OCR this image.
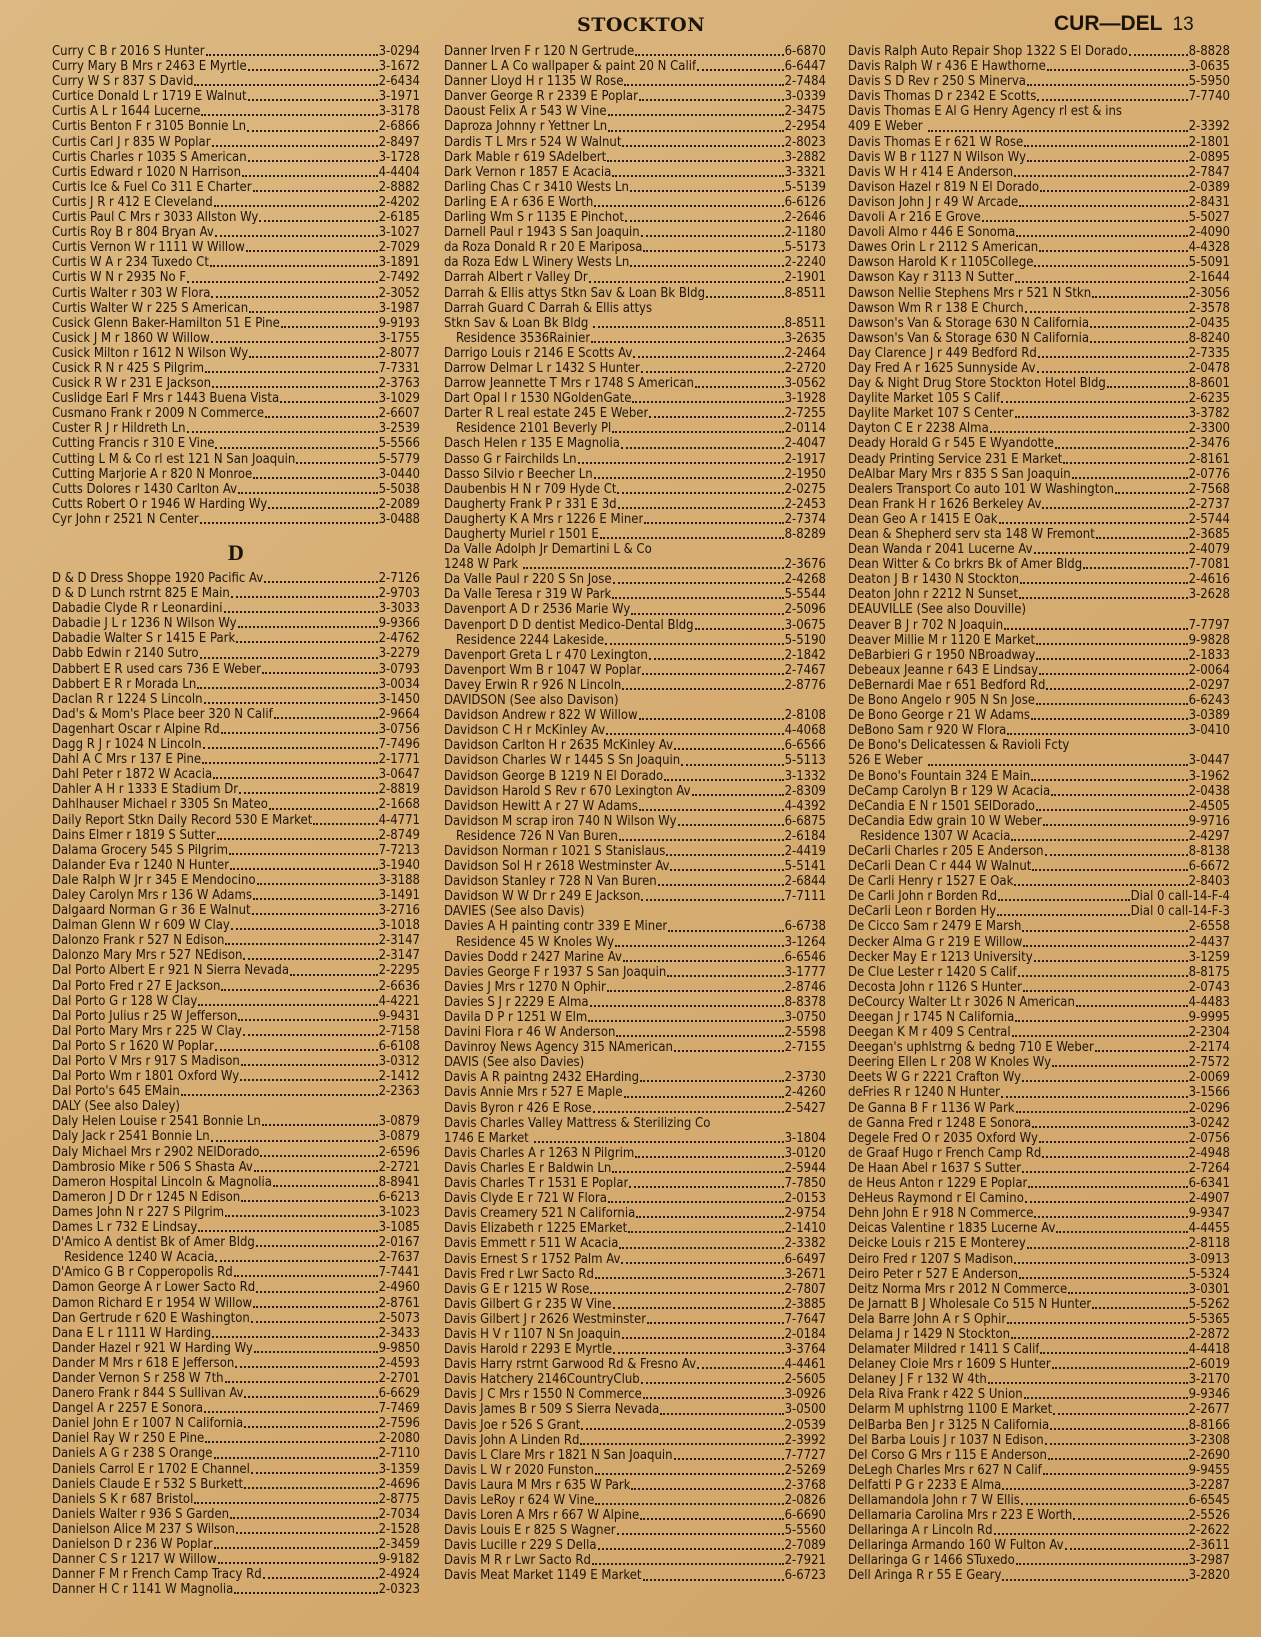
STOCKTON	CUR—DEL 13
Curry C B r 2016 S Hunter	3-0294
Curry Mary B Mrs r 2463 E Myrtle	3-1672
Curry W S r 837 S David	2-6434
Curtice Donald L r 1719 E Walnut	3-1971
Curtis A L r 1644 Lucerne	3-3178
Curtis Benton F r 3105 Bonnie Ln	2-6866
Curtis Carl J r 835 W Poplar	2-8497
Curtis Charles r 1035 S American	3-1728
Curtis Edward r 1020 N Harrison	4-4404
Curtis Ice & Fuel Co 311 E Charter	2-8882
Curtis J R r 412 E Cleveland	2-4202
Curtis Paul C Mrs r 3033 Allston Wy	2-6185
Curtis Roy B r 804 Bryan Av	3-1027
Curtis Vernon W r 1111 W Willow	2-7029
Curtis W A r 234 Tuxedo Ct	3-1891
Curtis W N r 2935 No F	2-7492
Curtis Walter r 303 W Flora	2-3052
Curtis Walter W r 225 S American	3-1987
Cusick Glenn Baker-Hamilton 51 E Pine	9-9193
Cusick J M r 1860 W Willow	3-1755
Cusick Milton r 1612 N Wilson Wy	2-8077
Cusick R N r 425 S Pilgrim	7-7331
Cusick R W r 231 E Jackson	2-3763
Cuslidge Earl F Mrs r 1443 Buena Vista	3-1029
Cusmano Frank r 2009 N Commerce	2-6607
Custer R J r Hildreth Ln	3-2539
Cutting Francis r 310 E Vine	5-5566
Cutting L M & Co rl est 121 N San Joaquin	5-5779
Cutting Marjorie A r 820 N Monroe	3-0440
Cutts Dolores r 1430 Carlton Av	5-5038
Cutts Robert O r 1946 W Harding Wy	2-2089
Cyr John r 2521 N Center	3-0488
D
D & D Dress Shoppe 1920 Pacific Av	2-7126
D & D Lunch rstrnt 825 E Main	2-9703
Dabadie Clyde R r Leonardini	3-3033
Dabadie J L r 1236 N Wilson Wy	9-9366
Dabadie Walter S r 1415 E Park	2-4762
Dabb Edwin r 2140 Sutro	3-2279
Dabbert E R used cars 736 E Weber	3-0793
Dabbert E R r Morada Ln	3-0034
Daclan R r 1224 S Lincoln	3-1450
Dad's & Mom's Place beer 320 N Calif	2-9664
Dagenhart Oscar r Alpine Rd	3-0756
Dagg R J r 1024 N Lincoln	7-7496
Dahl A C Mrs r 137 E Pine	2-1771
Dahl Peter r 1872 W Acacia	3-0647
Dahler A H r 1333 E Stadium Dr	2-8819
Dahlhauser Michael r 3305 Sn Mateo	2-1668
Daily Report Stkn Daily Record 530 E Market	4-4771
Dains Elmer r 1819 S Sutter	2-8749
Dalama Grocery 545 S Pilgrim	7-7213
Dalander Eva r 1240 N Hunter	3-1940
Dale Ralph W Jr r 345 E Mendocino	3-3188
Daley Carolyn Mrs r 136 W Adams	3-1491
Dalgaard Norman G r 36 E Walnut	3-2716
Dalman Glenn W r 609 W Clay	3-1018
Dalonzo Frank r 527 N Edison	2-3147
Dalonzo Mary Mrs r 527 NEdison	2-3147
Dal Porto Albert E r 921 N Sierra Nevada	2-2295
Dal Porto Fred r 27 E Jackson	2-6636
Dal Porto G r 128 W Clay	4-4221
Dal Porto Julius r 25 W Jefferson	9-9431
Dal Porto Mary Mrs r 225 W Clay	2-7158
Dal Porto S r 1620 W Poplar	6-6108
Dal Porto V Mrs r 917 S Madison	3-0312
Dal Porto Wm r 1801 Oxford Wy	2-1412
Dal Porto's 645 EMain	2-2363
DALY (See also Daley)
Daly Helen Louise r 2541 Bonnie Ln	3-0879
Daly Jack r 2541 Bonnie Ln	3-0879
Daly Michael Mrs r 2902 NElDorado	2-6596
Dambrosio Mike r 506 S Shasta Av	2-2721
Dameron Hospital Lincoln & Magnolia	8-8941
Dameron J D Dr r 1245 N Edison	6-6213
Dames John N r 227 S Pilgrim	3-1023
Dames L r 732 E Lindsay	3-1085
D'Amico A dentist Bk of Amer Bldg	2-0167
Residence 1240 W Acacia	2-7637
D'Amico G B r Copperopolis Rd	7-7441
Damon George A r Lower Sacto Rd	2-4960
Damon Richard E r 1954 W Willow	2-8761
Dan Gertrude r 620 E Washington	2-5073
Dana E L r 1111 W Harding	2-3433
Dander Hazel r 921 W Harding Wy	9-9850
Dander M Mrs r 618 E Jefferson	2-4593
Dander Vernon S r 258 W 7th	2-2701
Danero Frank r 844 S Sullivan Av	6-6629
Dangel A r 2257 E Sonora	7-7469
Daniel John E r 1007 N California	2-7596
Daniel Ray W r 250 E Pine	2-2080
Daniels A G r 238 S Orange	2-7110
Daniels Carrol E r 1702 E Channel	3-1359
Daniels Claude E r 532 S Burkett	2-4696
Daniels S K r 687 Bristol	2-8775
Daniels Walter r 936 S Garden	2-7034
Danielson Alice M 237 S Wilson	2-1528
Danielson D r 236 W Poplar	2-3459
Danner C S r 1217 W Willow	9-9182
Danner F M r French Camp Tracy Rd	2-4924
Danner H C r 1141 W Magnolia	2-0323
Danner Irven F r 120 N Gertrude	6-6870
Danner L A Co wallpaper & paint 20 N Calif	6-6447
Danner Lloyd H r 1135 W Rose	2-7484
Danver George R r 2339 E Poplar	3-0339
Daoust Felix A r 543 W Vine	2-3475
Daproza Johnny r Yettner Ln	2-2954
Dardis T L Mrs r 524 W Walnut	2-8023
Dark Mable r 619 SAdelbert	3-2882
Dark Vernon r 1857 E Acacia	3-3321
Darling Chas C r 3410 Wests Ln	5-5139
Darling E A r 636 E Worth	6-6126
Darling Wm S r 1135 E Pinchot	2-2646
Darnell Paul r 1943 S San Joaquin	2-1180
da Roza Donald R r 20 E Mariposa	5-5173
da Roza Edw L Winery Wests Ln	2-2240
Darrah Albert r Valley Dr	2-1901
Darrah & Ellis attys Stkn Sav & Loan Bk Bldg	8-8511
Darrah Guard C Darrah & Ellis attys
Stkn Sav & Loan Bk Bldg	8-8511
Residence 3536Rainier	3-2635
Darrigo Louis r 2146 E Scotts Av	2-2464
Darrow Delmar L r 1432 S Hunter	2-2720
Darrow Jeannette T Mrs r 1748 S American	3-0562
Dart Opal I r 1530 NGoldenGate	3-1928
Darter R L real estate 245 E Weber	2-7255
Residence 2101 Beverly Pl	2-0114
Dasch Helen r 135 E Magnolia	2-4047
Dasso G r Fairchilds Ln	2-1917
Dasso Silvio r Beecher Ln	2-1950
Daubenbis H N r 709 Hyde Ct	2-0275
Daugherty Frank P r 331 E 3d	2-2453
Daugherty K A Mrs r 1226 E Miner	2-7374
Daugherty Muriel r 1501 E	8-8289
Da Valle Adolph Jr Demartini L & Co
1248 W Park	2-3676
Da Valle Paul r 220 S Sn Jose	2-4268
Da Valle Teresa r 319 W Park	5-5544
Davenport A D r 2536 Marie Wy	2-5096
Davenport D D dentist Medico-Dental Bldg	3-0675
Residence 2244 Lakeside	5-5190
Davenport Greta L r 470 Lexington	2-1842
Davenport Wm B r 1047 W Poplar	2-7467
Davey Erwin R r 926 N Lincoln	2-8776
DAVIDSON (See also Davison)
Davidson Andrew r 822 W Willow	2-8108
Davidson C H r McKinley Av	4-4068
Davidson Carlton H r 2635 McKinley Av	6-6566
Davidson Charles W r 1445 S Sn Joaquin	5-5113
Davidson George B 1219 N El Dorado	3-1332
Davidson Harold S Rev r 670 Lexington Av	2-8309
Davidson Hewitt A r 27 W Adams	4-4392
Davidson M scrap iron 740 N Wilson Wy	6-6875
Residence 726 N Van Buren	2-6184
Davidson Norman r 1021 S Stanislaus	2-4419
Davidson Sol H r 2618 Westminster Av	5-5141
Davidson Stanley r 728 N Van Buren	2-6844
Davidson W W Dr r 249 E Jackson	7-7111
DAVIES (See also Davis)
Davies A H painting contr 339 E Miner	6-6738
Residence 45 W Knoles Wy	3-1264
Davies Dodd r 2427 Marine Av	6-6546
Davies George F r 1937 S San Joaquin	3-1777
Davies J Mrs r 1270 N Ophir	2-8746
Davies S J r 2229 E Alma	8-8378
Davila D P r 1251 W Elm	3-0750
Davini Flora r 46 W Anderson	2-5598
Davinroy News Agency 315 NAmerican	2-7155
DAVIS (See also Davies)
Davis A R paintng 2432 EHarding	2-3730
Davis Annie Mrs r 527 E Maple	2-4260
Davis Byron r 426 E Rose	2-5427
Davis Charles Valley Mattress & Sterilizing Co
1746 E Market	3-1804
Davis Charles A r 1263 N Pilgrim	3-0120
Davis Charles E r Baldwin Ln	2-5944
Davis Charles T r 1531 E Poplar	7-7850
Davis Clyde E r 721 W Flora	2-0153
Davis Creamery 521 N California	2-9754
Davis Elizabeth r 1225 EMarket	2-1410
Davis Emmett r 511 W Acacia	2-3382
Davis Ernest S r 1752 Palm Av	6-6497
Davis Fred r Lwr Sacto Rd	3-2671
Davis G E r 1215 W Rose	2-7807
Davis Gilbert G r 235 W Vine	2-3885
Davis Gilbert J r 2626 Westminster	7-7647
Davis H V r 1107 N Sn Joaquin	2-0184
Davis Harold r 2293 E Myrtle	3-3764
Davis Harry rstrnt Garwood Rd & Fresno Av	4-4461
Davis Hatchery 2146CountryClub	2-5605
Davis J C Mrs r 1550 N Commerce	3-0926
Davis James B r 509 S Sierra Nevada	3-0500
Davis Joe r 526 S Grant	2-0539
Davis John A Linden Rd	2-3992
Davis L Clare Mrs r 1821 N San Joaquin	7-7727
Davis L W r 2020 Funston	2-5269
Davis Laura M Mrs r 635 W Park	2-3768
Davis LeRoy r 624 W Vine	2-0826
Davis Loren A Mrs r 667 W Alpine	6-6690
Davis Louis E r 825 S Wagner	5-5560
Davis Lucille r 229 S Della	2-7089
Davis M R r Lwr Sacto Rd	2-7921
Davis Meat Market 1149 E Market	6-6723
Davis Ralph Auto Repair Shop 1322 S El Dorado	8-8828
Davis Ralph W r 436 E Hawthorne	3-0635
Davis S D Rev r 250 S Minerva	5-5950
Davis Thomas D r 2342 E Scotts	7-7740
Davis Thomas E Al G Henry Agency rl est & ins
409 E Weber	2-3392
Davis Thomas E r 621 W Rose	2-1801
Davis W B r 1127 N Wilson Wy	2-0895
Davis W H r 414 E Anderson	2-7847
Davison Hazel r 819 N El Dorado	2-0389
Davison John J r 49 W Arcade	2-8431
Davoli A r 216 E Grove	5-5027
Davoli Almo r 446 E Sonoma	2-4090
Dawes Orin L r 2112 S American	4-4328
Dawson Harold K r 1105College	5-5091
Dawson Kay r 3113 N Sutter	2-1644
Dawson Nellie Stephens Mrs r 521 N Stkn	2-3056
Dawson Wm R r 138 E Church	2-3578
Dawson's Van & Storage 630 N California	2-0435
Dawson's Van & Storage 630 N California	8-8240
Day Clarence J r 449 Bedford Rd	2-7335
Day Fred A r 1625 Sunnyside Av	2-0478
Day & Night Drug Store Stockton Hotel Bldg	8-8601
Daylite Market 105 S Calif	2-6235
Daylite Market 107 S Center	3-3782
Dayton C E r 2238 Alma	2-3300
Deady Horald G r 545 E Wyandotte	2-3476
Deady Printing Service 231 E Market	2-8161
DeAlbar Mary Mrs r 835 S San Joaquin	2-0776
Dealers Transport Co auto 101 W Washington	2-7568
Dean Frank H r 1626 Berkeley Av	2-2737
Dean Geo A r 1415 E Oak	2-5744
Dean & Shepherd serv sta 148 W Fremont	2-3685
Dean Wanda r 2041 Lucerne Av	2-4079
Dean Witter & Co brkrs Bk of Amer Bldg	7-7081
Deaton J B r 1430 N Stockton	2-4616
Deaton John r 2212 N Sunset	3-2628
DEAUVILLE (See also Douville)
Deaver B J r 702 N Joaquin	7-7797
Deaver Millie M r 1120 E Market	9-9828
DeBarbieri G r 1950 NBroadway	2-1833
Debeaux Jeanne r 643 E Lindsay	2-0064
DeBernardi Mae r 651 Bedford Rd	2-0297
De Bono Angelo r 905 N Sn Jose	6-6243
De Bono George r 21 W Adams	3-0389
DeBono Sam r 920 W Flora	3-0410
De Bono's Delicatessen & Ravioli Fcty
526 E Weber	3-0447
De Bono's Fountain 324 E Main	3-1962
DeCamp Carolyn B r 129 W Acacia	2-0438
DeCandia E N r 1501 SElDorado	2-4505
DeCandia Edw grain 10 W Weber	9-9716
Residence 1307 W Acacia	2-4297
DeCarli Charles r 205 E Anderson	8-8138
DeCarli Dean C r 444 W Walnut	6-6672
De Carli Henry r 1527 E Oak	2-8403
De Carli John r Borden Rd	Dial 0 call-14-F-4
DeCarli Leon r Borden Hy	Dial 0 call-14-F-3
De Cicco Sam r 2479 E Marsh	2-6558
Decker Alma G r 219 E Willow	2-4437
Decker May E r 1213 University	3-1259
De Clue Lester r 1420 S Calif	8-8175
Decosta John r 1126 S Hunter	2-0743
DeCourcy Walter Lt r 3026 N American	4-4483
Deegan J r 1745 N California	9-9995
Deegan K M r 409 S Central	2-2304
Deegan's uphlstrng & bedng 710 E Weber	2-2174
Deering Ellen L r 208 W Knoles Wy	2-7572
Deets W G r 2221 Crafton Wy	2-0069
deFries R r 1240 N Hunter	3-1566
De Ganna B F r 1136 W Park	2-0296
de Ganna Fred r 1248 E Sonora	3-0242
Degele Fred O r 2035 Oxford Wy	2-0756
de Graaf Hugo r French Camp Rd	2-4948
De Haan Abel r 1637 S Sutter	2-7264
de Heus Anton r 1229 E Poplar	6-6341
DeHeus Raymond r El Camino	2-4907
Dehn John E r 918 N Commerce	9-9347
Deicas Valentine r 1835 Lucerne Av	4-4455
Deicke Louis r 215 E Monterey	2-8118
Deiro Fred r 1207 S Madison	3-0913
Deiro Peter r 527 E Anderson	5-5324
Deitz Norma Mrs r 2012 N Commerce	3-0301
De Jarnatt B J Wholesale Co 515 N Hunter	5-5262
Dela Barre John A r S Ophir	5-5365
Delama J r 1429 N Stockton	2-2872
Delamater Mildred r 1411 S Calif	4-4418
Delaney Cloie Mrs r 1609 S Hunter	2-6019
Delaney J F r 132 W 4th	3-2170
Dela Riva Frank r 422 S Union	9-9346
Delarm M uphlstrng 1100 E Market	2-2677
DelBarba Ben J r 3125 N California	8-8166
Del Barba Louis J r 1037 N Edison	3-2308
Del Corso G Mrs r 115 E Anderson	2-2690
DeLegh Charles Mrs r 627 N Calif	9-9455
Delfatti P G r 2233 E Alma	3-2287
Dellamandola John r 7 W Ellis	6-6545
Dellamaria Carolina Mrs r 223 E Worth	2-5526
Dellaringa A r Lincoln Rd	2-2622
Dellaringa Armando 160 W Fulton Av	2-3611
Dellaringa G r 1466 STuxedo	3-2987
Dell Aringa R r 55 E Geary	3-2820
